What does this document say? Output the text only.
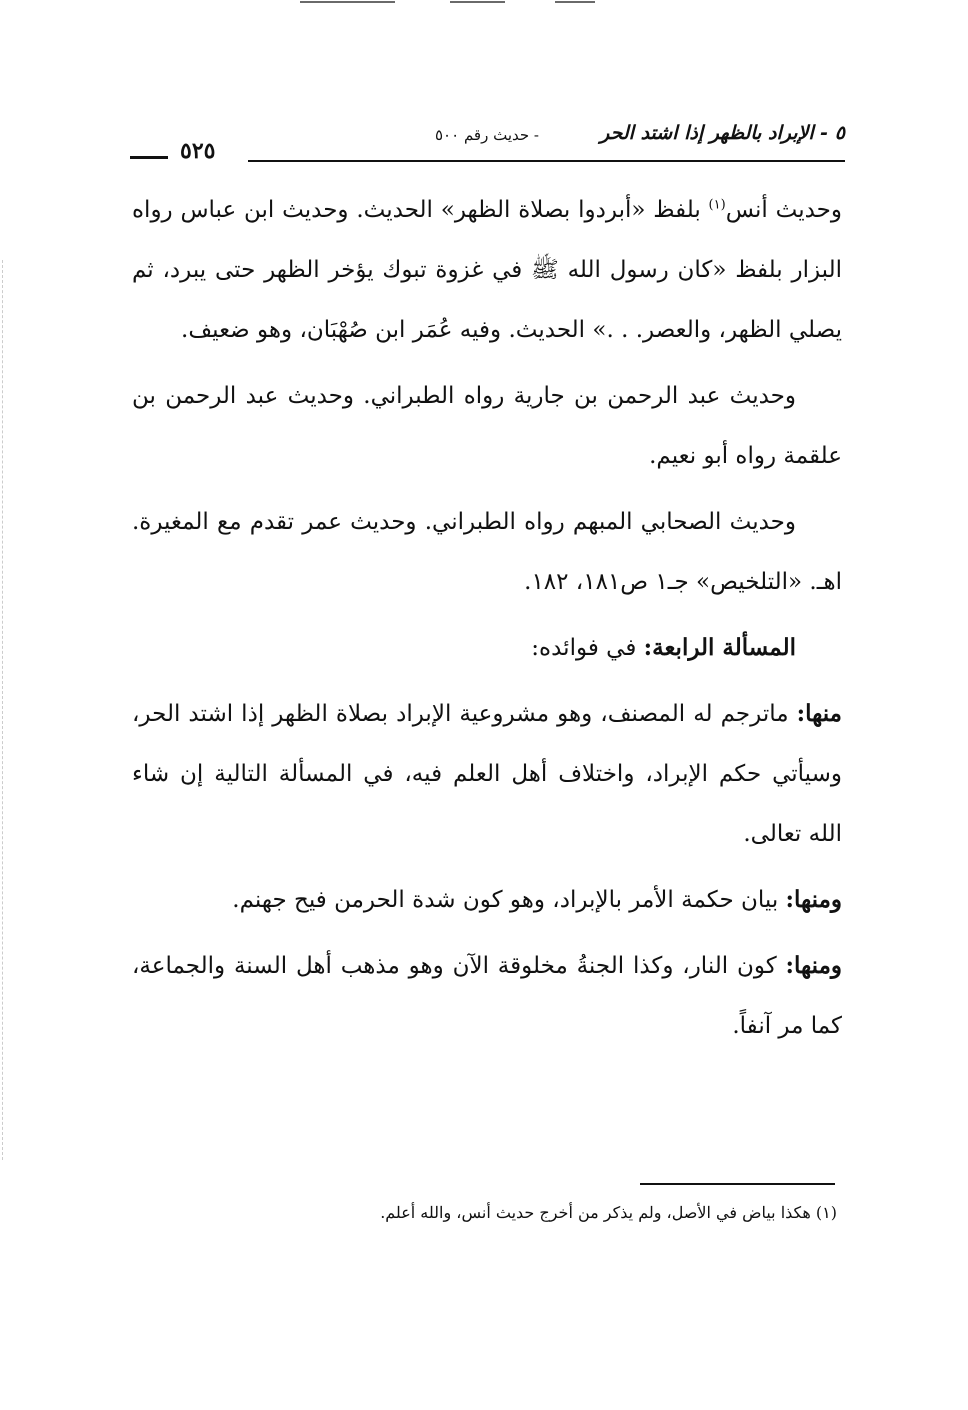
٥ - الإبراد بالظهر إذا اشتد الحر
- حديث رقم ٥٠٠
٥٢٥

وحديث أنس$^{(١)}$ بلفظ «أبردوا بصلاة الظهر» الحديث. وحديث ابن عباس رواه البزار بلفظ «كان رسول الله ﷺ في غزوة تبوك يؤخر الظهر حتى يبرد، ثم يصلي الظهر، والعصر. . .» الحديث. وفيه عُمَر ابن صُهْبَان، وهو ضعيف.

وحديث عبد الرحمن بن جارية رواه الطبراني. وحديث عبد الرحمن بن علقمة رواه أبو نعيم.

وحديث الصحابي المبهم رواه الطبراني. وحديث عمر تقدم مع المغيرة. اهـ. «التلخيص» جـ١ ص١٨١، ١٨٢.

المسألة الرابعة: في فوائده:

منها: ماترجم له المصنف، وهو مشروعية الإبراد بصلاة الظهر إذا اشتد الحر، وسيأتي حكم الإبراد، واختلاف أهل العلم فيه، في المسألة التالية إن شاء الله تعالى.

ومنها: بيان حكمة الأمر بالإبراد، وهو كون شدة الحرمن فيح جهنم.

ومنها: كون النار، وكذا الجنةُ مخلوقة الآن وهو مذهب أهل السنة والجماعة، كما مر آنفاً.

(١) هكذا بياض في الأصل، ولم يذكر من أخرج حديث أنس، والله أعلم.
